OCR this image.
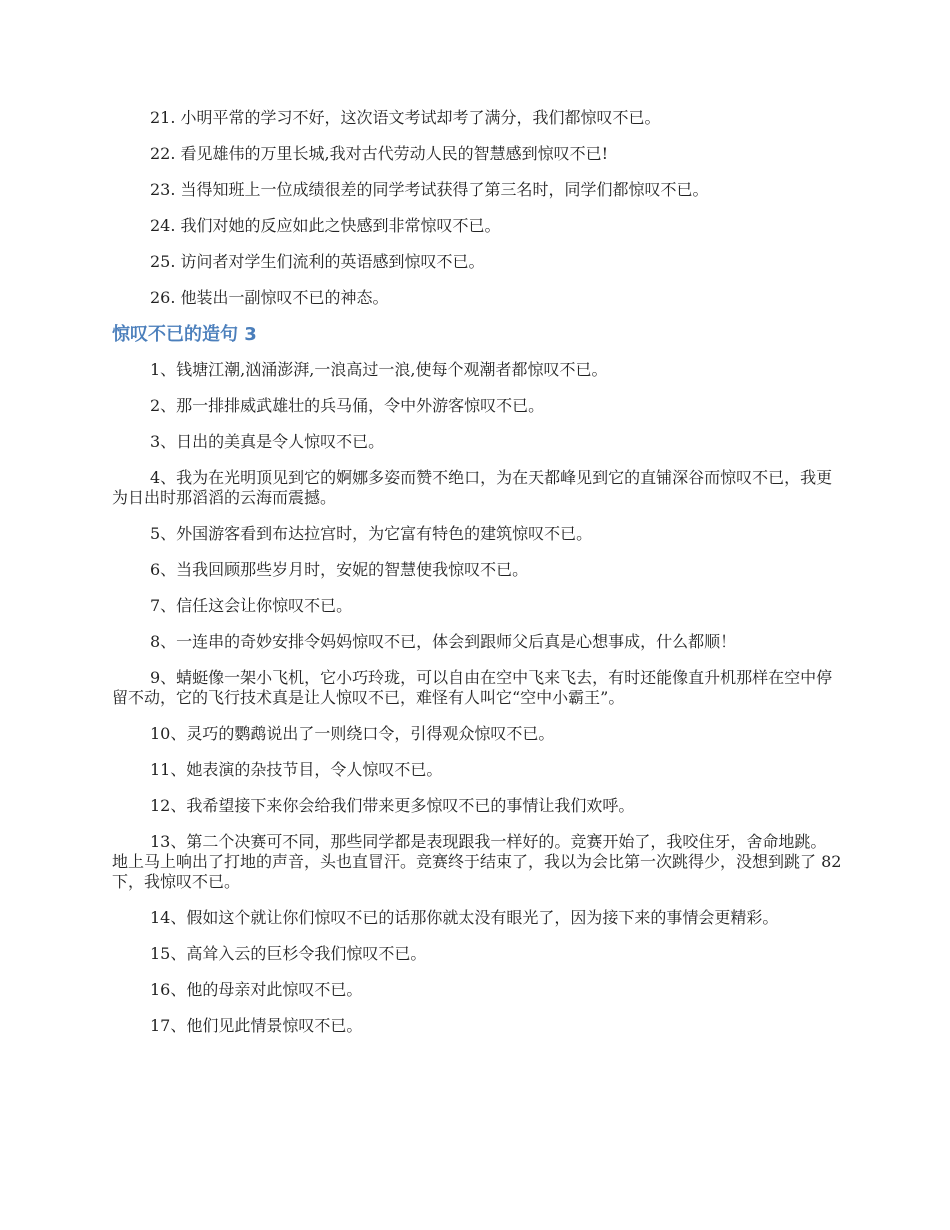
21. 小明平常的学习不好，这次语文考试却考了满分，我们都惊叹不已。

22. 看见雄伟的万里长城,我对古代劳动人民的智慧感到惊叹不已!

23. 当得知班上一位成绩很差的同学考试获得了第三名时，同学们都惊叹不已。

24. 我们对她的反应如此之快感到非常惊叹不已。

25. 访问者对学生们流利的英语感到惊叹不已。

26. 他装出一副惊叹不已的神态。

惊叹不已的造句 3

1、钱塘江潮,汹涌澎湃,一浪高过一浪,使每个观潮者都惊叹不已。

2、那一排排威武雄壮的兵马俑，令中外游客惊叹不已。

3、日出的美真是令人惊叹不已。

4、我为在光明顶见到它的婀娜多姿而赞不绝口，为在天都峰见到它的直铺深谷而惊叹不已，我更为日出时那滔滔的云海而震撼。

5、外国游客看到布达拉宫时，为它富有特色的建筑惊叹不已。

6、当我回顾那些岁月时，安妮的智慧使我惊叹不已。

7、信任这会让你惊叹不已。

8、一连串的奇妙安排令妈妈惊叹不已，体会到跟师父后真是心想事成，什么都顺！

9、蜻蜓像一架小飞机，它小巧玲珑，可以自由在空中飞来飞去，有时还能像直升机那样在空中停留不动，它的飞行技术真是让人惊叹不已，难怪有人叫它“空中小霸王”。

10、灵巧的鹦鹉说出了一则绕口令，引得观众惊叹不已。

11、她表演的杂技节目，令人惊叹不已。

12、我希望接下来你会给我们带来更多惊叹不已的事情让我们欢呼。

13、第二个决赛可不同，那些同学都是表现跟我一样好的。竞赛开始了，我咬住牙，舍命地跳。地上马上响出了打地的声音，头也直冒汗。竞赛终于结束了，我以为会比第一次跳得少，没想到跳了 82 下，我惊叹不已。

14、假如这个就让你们惊叹不已的话那你就太没有眼光了，因为接下来的事情会更精彩。

15、高耸入云的巨杉令我们惊叹不已。

16、他的母亲对此惊叹不已。

17、他们见此情景惊叹不已。
